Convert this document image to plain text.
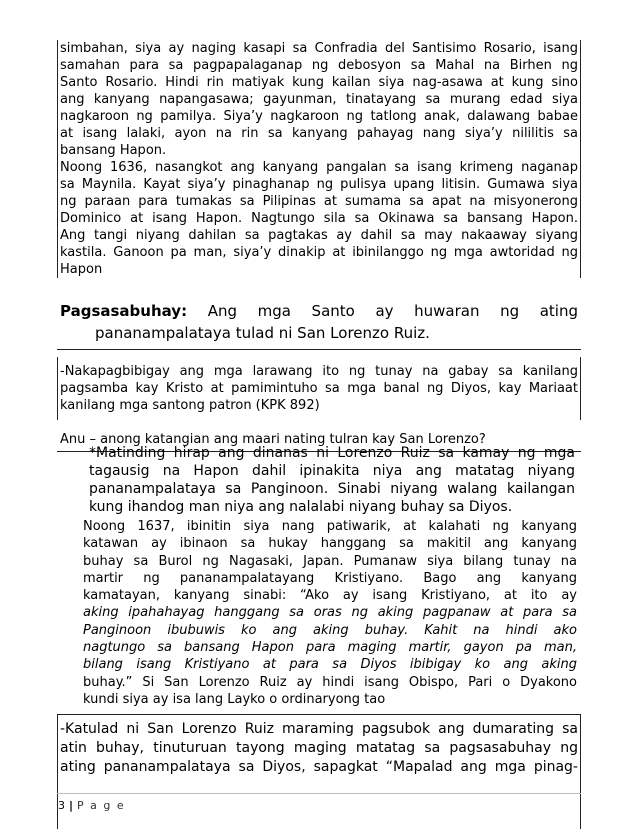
simbahan, siya ay naging kasapi sa Confradia del Santisimo Rosario, isang
samahan para sa pagpapalaganap ng debosyon sa Mahal na Birhen ng
Santo Rosario. Hindi rin matiyak kung kailan siya nag-asawa at kung sino
ang kanyang napangasawa; gayunman, tinatayang sa murang edad siya
nagkaroon ng pamilya. Siya’y nagkaroon ng tatlong anak, dalawang babae
at isang lalaki, ayon na rin sa kanyang pahayag nang siya’y nililitis sa
bansang Hapon.

Noong 1636, nasangkot ang kanyang pangalan sa isang krimeng naganap
sa Maynila. Kayat siya’y pinaghanap ng pulisya upang litisin. Gumawa siya
ng paraan para tumakas sa Pilipinas at sumama sa apat na misyonerong
Dominico at isang Hapon. Nagtungo sila sa Okinawa sa bansang Hapon.
Ang tangi niyang dahilan sa pagtakas ay dahil sa may nakaaway siyang
kastila. Ganoon pa man, siya’y dinakip at ibinilanggo ng mga awtoridad ng
Hapon

Pagsasabuhay: Ang mga Santo ay huwaran ng ating
pananampalataya tulad ni San Lorenzo Ruiz.

-Nakapagbibigay ang mga larawang ito ng tunay na gabay sa kanilang
pagsamba kay Kristo at pamimintuho sa mga banal ng Diyos, kay Mariaat
kanilang mga santong patron (KPK 892)

Anu – anong katangian ang maari nating tulran kay San Lorenzo?
*Matinding hirap ang dinanas ni Lorenzo Ruiz sa kamay ng mga
tagausig na Hapon dahil ipinakita niya ang matatag niyang
pananampalataya sa Panginoon. Sinabi niyang walang kailangan
kung ihandog man niya ang nalalabi niyang buhay sa Diyos.
Noong 1637, ibinitin siya nang patiwarik, at kalahati ng kanyang
katawan ay ibinaon sa hukay hanggang sa makitil ang kanyang
buhay sa Burol ng Nagasaki, Japan. Pumanaw siya bilang tunay na
martir ng pananampalatayang Kristiyano. Bago ang kanyang
kamatayan, kanyang sinabi: “Ako ay isang Kristiyano, at ito ay
aking ipahahayag hanggang sa oras ng aking pagpanaw at para sa
Panginoon ibubuwis ko ang aking buhay. Kahit na hindi ako
nagtungo sa bansang Hapon para maging martir, gayon pa man,
bilang isang Kristiyano at para sa Diyos ibibigay ko ang aking
buhay.” Si San Lorenzo Ruiz ay hindi isang Obispo, Pari o Dyakono
kundi siya ay isa lang Layko o ordinaryong tao
-Katulad ni San Lorenzo Ruiz maraming pagsubok ang dumarating sa
atin buhay, tinuturuan tayong maging matatag sa pagsasabuhay ng
ating pananampalataya sa Diyos, sapagkat “Mapalad ang mga pinag-
3 | P a g e
